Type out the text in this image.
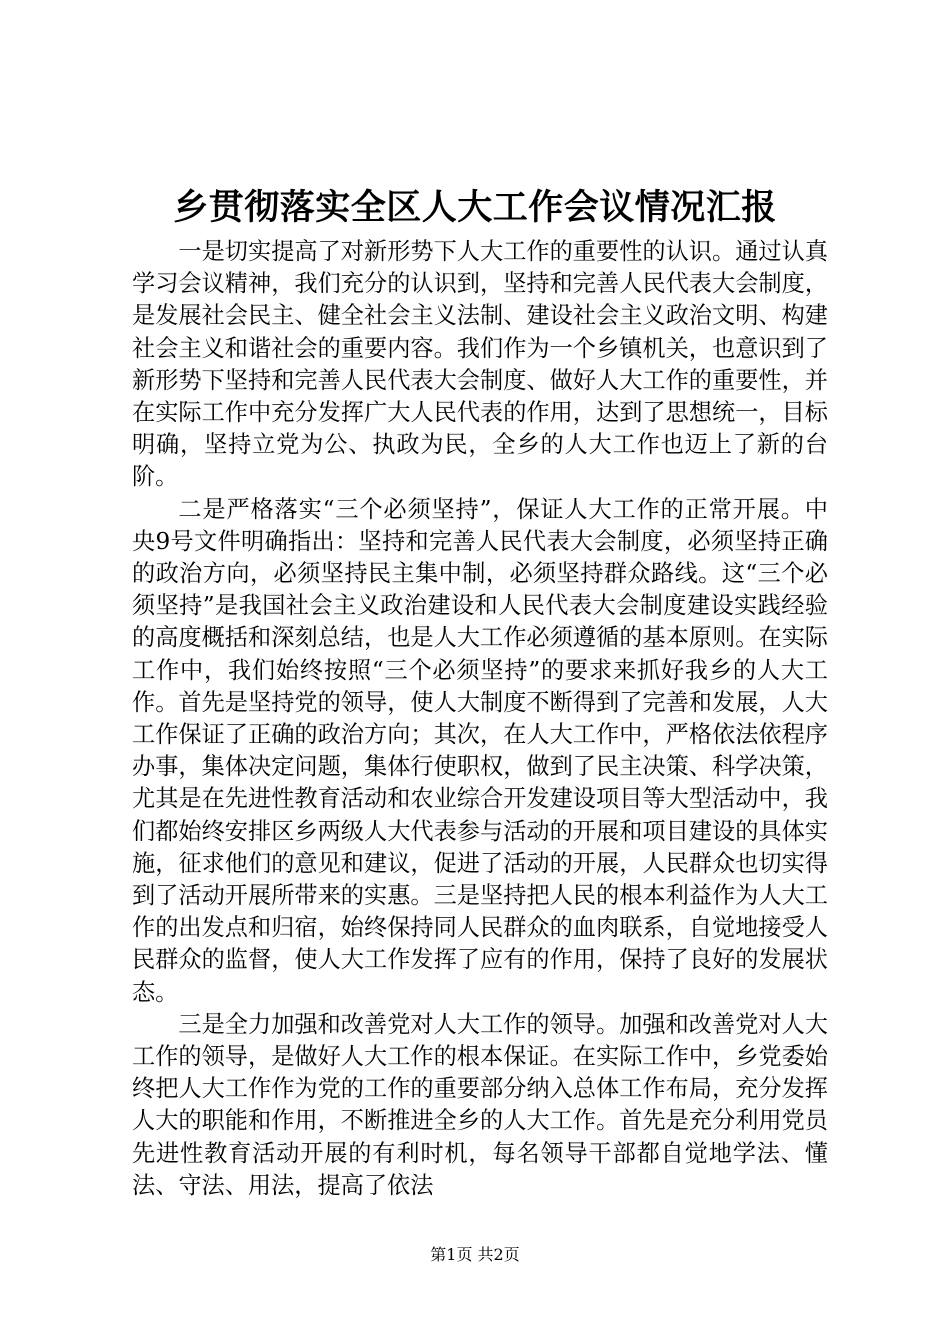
乡贯彻落实全区人大工作会议情况汇报

一是切实提高了对新形势下人大工作的重要性的认识。通过认真学习会议精神，我们充分的认识到，坚持和完善人民代表大会制度，是发展社会民主、健全社会主义法制、建设社会主义政治文明、构建社会主义和谐社会的重要内容。我们作为一个乡镇机关，也意识到了新形势下坚持和完善人民代表大会制度、做好人大工作的重要性，并在实际工作中充分发挥广大人民代表的作用，达到了思想统一，目标明确，坚持立党为公、执政为民，全乡的人大工作也迈上了新的台阶。

二是严格落实“三个必须坚持”，保证人大工作的正常开展。中央9号文件明确指出：坚持和完善人民代表大会制度，必须坚持正确的政治方向，必须坚持民主集中制，必须坚持群众路线。这“三个必须坚持”是我国社会主义政治建设和人民代表大会制度建设实践经验的高度概括和深刻总结，也是人大工作必须遵循的基本原则。在实际工作中，我们始终按照“三个必须坚持”的要求来抓好我乡的人大工作。首先是坚持党的领导，使人大制度不断得到了完善和发展，人大工作保证了正确的政治方向；其次，在人大工作中，严格依法依程序办事，集体决定问题，集体行使职权，做到了民主决策、科学决策，尤其是在先进性教育活动和农业综合开发建设项目等大型活动中，我们都始终安排区乡两级人大代表参与活动的开展和项目建设的具体实施，征求他们的意见和建议，促进了活动的开展，人民群众也切实得到了活动开展所带来的实惠。三是坚持把人民的根本利益作为人大工作的出发点和归宿，始终保持同人民群众的血肉联系，自觉地接受人民群众的监督，使人大工作发挥了应有的作用，保持了良好的发展状态。

三是全力加强和改善党对人大工作的领导。加强和改善党对人大工作的领导，是做好人大工作的根本保证。在实际工作中，乡党委始终把人大工作作为党的工作的重要部分纳入总体工作布局，充分发挥人大的职能和作用，不断推进全乡的人大工作。首先是充分利用党员先进性教育活动开展的有利时机，每名领导干部都自觉地学法、懂法、守法、用法，提高了依法

第1页 共2页
